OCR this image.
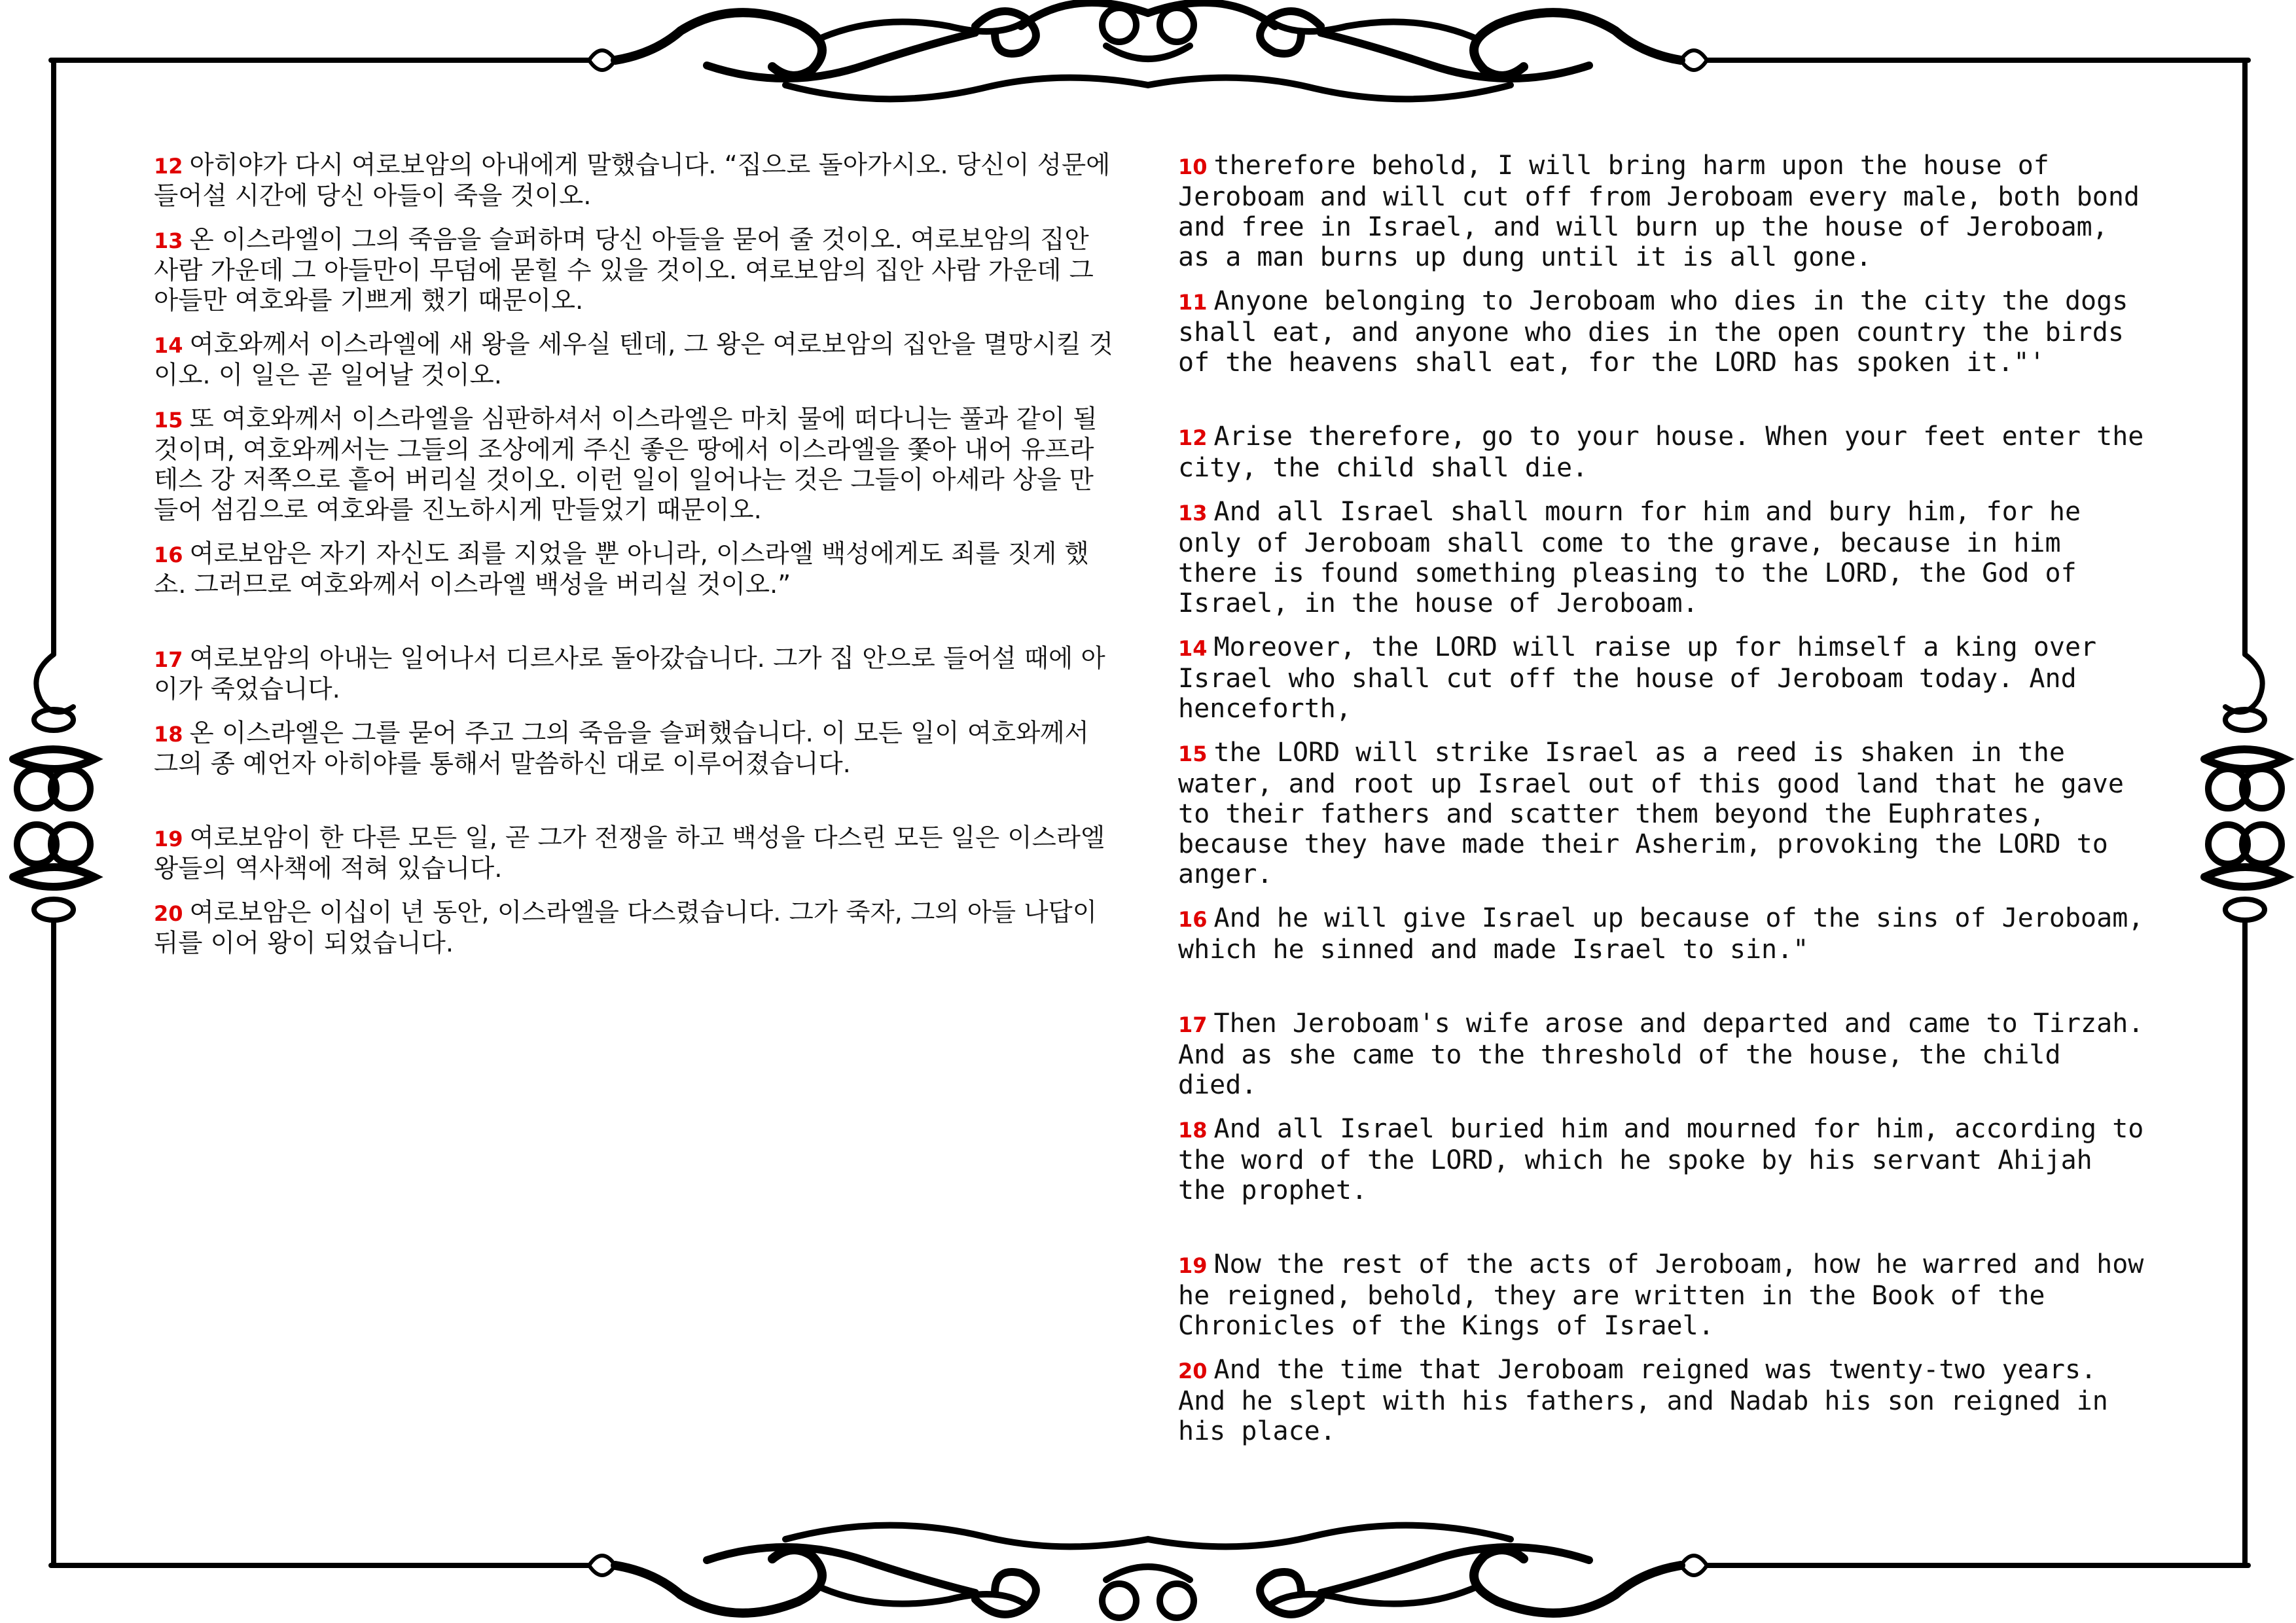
12 아히야가 다시 여로보암의 아내에게 말했습니다. “집으로 돌아가시오. 당신이 성문에 들어설 시간에 당신 아들이 죽을 것이오.

13 온 이스라엘이 그의 죽음을 슬퍼하며 당신 아들을 묻어 줄 것이오. 여로보암의 집안 사람 가운데 그 아들만이 무덤에 묻힐 수 있을 것이오. 여로보암의 집안 사람 가운데 그 아들만 여호와를 기쁘게 했기 때문이오.

14 여호와께서 이스라엘에 새 왕을 세우실 텐데, 그 왕은 여로보암의 집안을 멸망시킬 것이오. 이 일은 곧 일어날 것이오.

15 또 여호와께서 이스라엘을 심판하셔서 이스라엘은 마치 물에 떠다니는 풀과 같이 될 것이며, 여호와께서는 그들의 조상에게 주신 좋은 땅에서 이스라엘을 쫓아 내어 유프라테스 강 저쪽으로 흩어 버리실 것이오. 이런 일이 일어나는 것은 그들이 아세라 상을 만들어 섬김으로 여호와를 진노하시게 만들었기 때문이오.

16 여로보암은 자기 자신도 죄를 지었을 뿐 아니라, 이스라엘 백성에게도 죄를 짓게 했소. 그러므로 여호와께서 이스라엘 백성을 버리실 것이오.”

17 여로보암의 아내는 일어나서 디르사로 돌아갔습니다. 그가 집 안으로 들어설 때에 아이가 죽었습니다.

18 온 이스라엘은 그를 묻어 주고 그의 죽음을 슬퍼했습니다. 이 모든 일이 여호와께서 그의 종 예언자 아히야를 통해서 말씀하신 대로 이루어졌습니다.

19 여로보암이 한 다른 모든 일, 곧 그가 전쟁을 하고 백성을 다스린 모든 일은 이스라엘 왕들의 역사책에 적혀 있습니다.

20 여로보암은 이십이 년 동안, 이스라엘을 다스렸습니다. 그가 죽자, 그의 아들 나답이 뒤를 이어 왕이 되었습니다.

10 therefore behold, I will bring harm upon the house of Jeroboam and will cut off from Jeroboam every male, both bond and free in Israel, and will burn up the house of Jeroboam, as a man burns up dung until it is all gone.

11 Anyone belonging to Jeroboam who dies in the city the dogs shall eat, and anyone who dies in the open country the birds of the heavens shall eat, for the LORD has spoken it."'

12 Arise therefore, go to your house. When your feet enter the city, the child shall die.

13 And all Israel shall mourn for him and bury him, for he only of Jeroboam shall come to the grave, because in him there is found something pleasing to the LORD, the God of Israel, in the house of Jeroboam.

14 Moreover, the LORD will raise up for himself a king over Israel who shall cut off the house of Jeroboam today. And henceforth,

15 the LORD will strike Israel as a reed is shaken in the water, and root up Israel out of this good land that he gave to their fathers and scatter them beyond the Euphrates, because they have made their Asherim, provoking the LORD to anger.

16 And he will give Israel up because of the sins of Jeroboam, which he sinned and made Israel to sin."

17 Then Jeroboam's wife arose and departed and came to Tirzah. And as she came to the threshold of the house, the child died.

18 And all Israel buried him and mourned for him, according to the word of the LORD, which he spoke by his servant Ahijah the prophet.

19 Now the rest of the acts of Jeroboam, how he warred and how he reigned, behold, they are written in the Book of the Chronicles of the Kings of Israel.

20 And the time that Jeroboam reigned was twenty-two years. And he slept with his fathers, and Nadab his son reigned in his place.
